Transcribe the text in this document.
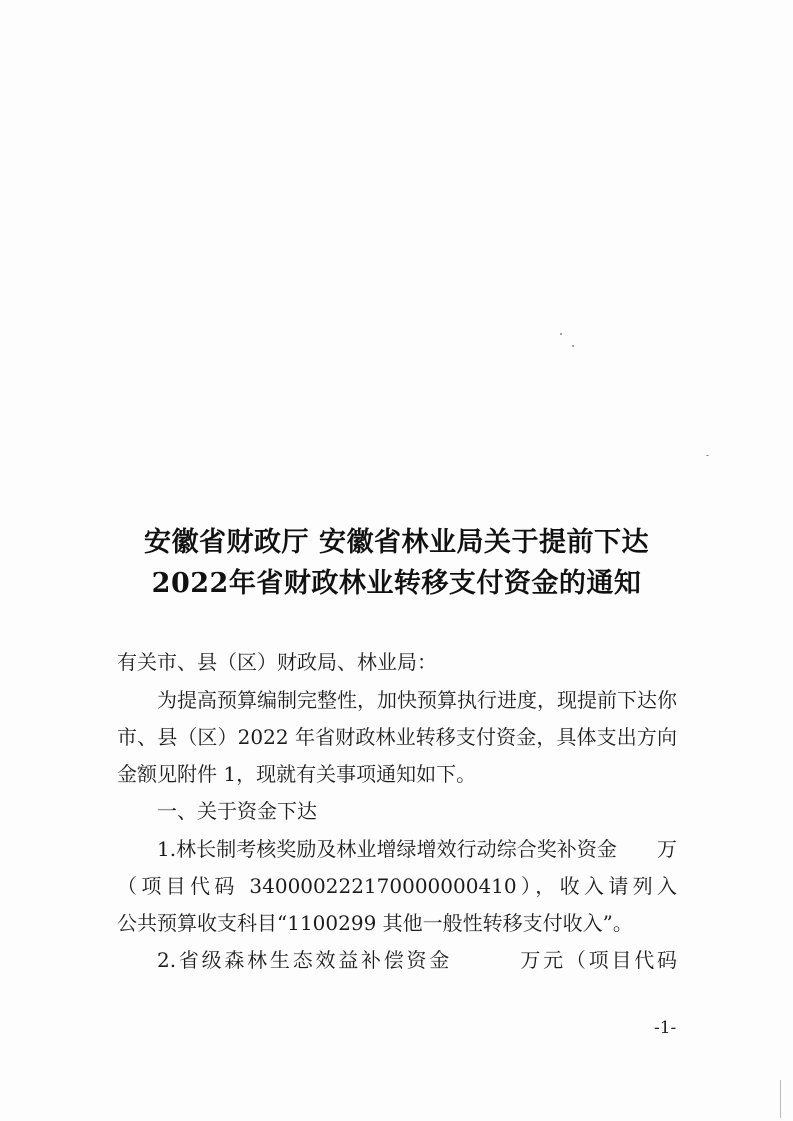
安徽省财政厅 安徽省林业局关于提前下达
2022年省财政林业转移支付资金的通知
有关市、县（区）财政局、林业局：
为提高预算编制完整性，加快预算执行进度，现提前下达你
市、县（区）2022 年省财政林业转移支付资金，具体支出方向
金额见附件 1，现就有关事项通知如下。
一、关于资金下达
1.林长制考核奖励及林业增绿增效行动综合奖补资金　　万
（项目代码 340000222170000000410），收入请列入
公共预算收支科目“1100299 其他一般性转移支付收入”。
2.省级森林生态效益补偿资金　　　万元（项目代码
-1-
